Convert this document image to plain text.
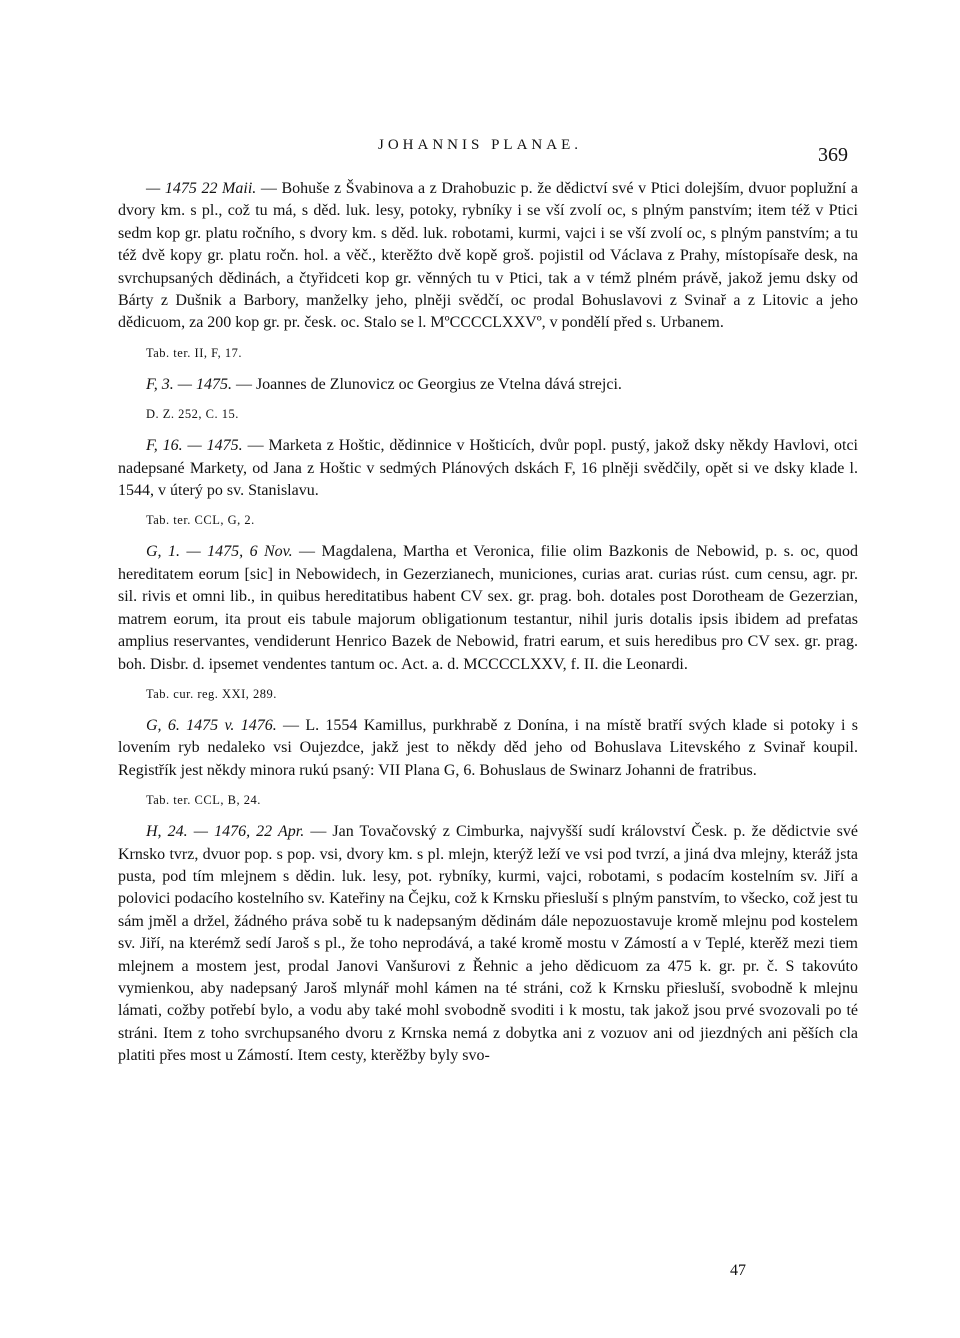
JOHANNIS PLANAE.	369

— 1475 22 Maii. — Bohuše z Švabinova a z Drahobuzic p. že dědictví své v Ptici dolejším, dvuor poplužní a dvory km. s pl., což tu má, s děd. luk. lesy, potoky, rybníky i se vší zvolí oc, s plným panstvím; item též v Ptici sedm kop gr. platu ročního, s dvory km. s děd. luk. robotami, kurmi, vajci i se vší zvolí oc, s plným panstvím; a tu též dvě kopy gr. platu ročn. hol. a věč., kterěžto dvě kopě groš. pojistil od Václava z Prahy, místopísaře desk, na svrchupsaných dědinách, a čtyřidceti kop gr. věnných tu v Ptici, tak a v témž plném právě, jakož jemu dsky od Bárty z Dušnik a Barbory, manželky jeho, plněji svědčí, oc prodal Bohuslavovi z Svinař a z Litovic a jeho dědicuom, za 200 kop gr. pr. česk. oc. Stalo se l. MºCCCCLXXVº, v pondělí před s. Urbanem.

Tab. ter. II, F, 17.

F, 3. — 1475. — Joannes de Zlunovicz oc Georgius ze Vtelna dává strejci.

D. Z. 252, C. 15.

F, 16. — 1475. — Marketa z Hoštic, dědinnice v Hošticích, dvůr popl. pustý, jakož dsky někdy Havlovi, otci nadepsané Markety, od Jana z Hoštic v sedmých Plánových dskách F, 16 plněji svědčily, opět si ve dsky klade l. 1544, v úterý po sv. Stanislavu.

Tab. ter. CCL, G, 2.

G, 1. — 1475, 6 Nov. — Magdalena, Martha et Veronica, filie olim Bazkonis de Nebowid, p. s. oc, quod hereditatem eorum [sic] in Nebowidech, in Gezerzianech, municiones, curias arat. curias rúst. cum censu, agr. pr. sil. rivis et omni lib., in quibus hereditatibus habent CV sex. gr. prag. boh. dotales post Dorotheam de Gezerzian, matrem eorum, ita prout eis tabule majorum obligationum testantur, nihil juris dotalis ipsis ibidem ad prefatas amplius reservantes, vendiderunt Henrico Bazek de Nebowid, fratri earum, et suis heredibus pro CV sex. gr. prag. boh. Disbr. d. ipsemet vendentes tantum oc. Act. a. d. MCCCCLXXV, f. II. die Leonardi.

Tab. cur. reg. XXI, 289.

G, 6. 1475 v. 1476. — L. 1554 Kamillus, purkhrabě z Donína, i na místě bratří svých klade si potoky i s lovením ryb nedaleko vsi Oujezdce, jakž jest to někdy děd jeho od Bohuslava Litevského z Svinař koupil. Registřík jest někdy minora rukú psaný: VII Plana G, 6. Bohuslaus de Swinarz Johanni de fratribus.

Tab. ter. CCL, B, 24.

H, 24. — 1476, 22 Apr. — Jan Tovačovský z Cimburka, najvyšší sudí království Česk. p. že dědictvie své Krnsko tvrz, dvuor pop. s pop. vsi, dvory km. s pl. mlejn, kterýž leží ve vsi pod tvrzí, a jiná dva mlejny, kteráž jsta pusta, pod tím mlejnem s dědin. luk. lesy, pot. rybníky, kurmi, vajci, robotami, s podacím kostelním sv. Jiří a polovici podacího kostelního sv. Kateřiny na Čejku, což k Krnsku přiesluší s plným panstvím, to všecko, což jest tu sám jměl a držel, žádného práva sobě tu k nadepsaným dědinám dále nepozuostavuje kromě mlejnu pod kostelem sv. Jiří, na kterémž sedí Jaroš s pl., že toho neprodává, a také kromě mostu v Zámostí a v Teplé, kterěž mezi tiem mlejnem a mostem jest, prodal Janovi Vanšurovi z Řehnic a jeho dědicuom za 475 k. gr. pr. č. S takovúto vymienkou, aby nadepsaný Jaroš mlynář mohl kámen na té stráni, což k Krnsku přiesluší, svobodně k mlejnu lámati, cožby potřebí bylo, a vodu aby také mohl svobodně svoditi i k mostu, tak jakož jsou prvé svozovali po té stráni. Item z toho svrchupsaného dvoru z Krnska nemá z dobytka ani z vozuov ani od jiezdných ani pěších cla platiti přes most u Zámostí. Item cesty, kterěžby byly svo-

47
